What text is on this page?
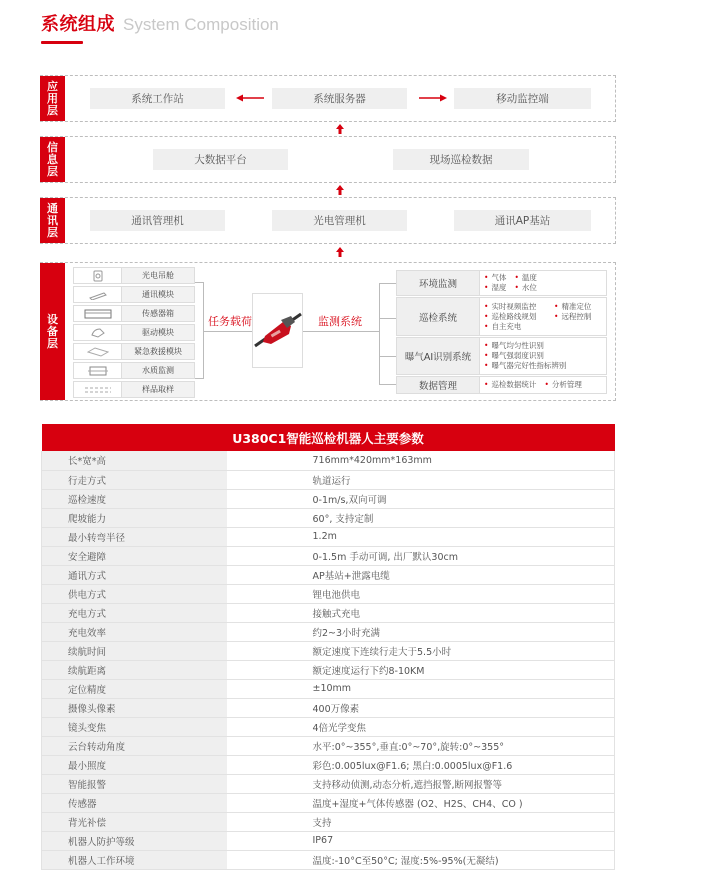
系统组成 System Composition
应
用
层
系统工作站	系统服务器	移动监控端
信
息
层
大数据平台	现场巡检数据
通
讯
层
通讯管理机	光电管理机	通讯AP基站
设
备
层
光电吊舱
通讯模块
传感器箱
驱动模块
紧急救援模块
水质监测
样品取样
任务载荷	监测系统
环境监测
• 气体	• 温度
• 湿度	• 水位
巡检系统
• 实时视频监控	• 精准定位
• 巡检路线规划	• 远程控制
• 自主充电
曝气AI识别系统
• 曝气均匀性识别
• 曝气强弱度识别
• 曝气器完好性指标辨别
数据管理	• 巡检数据统计	• 分析管理
U380C1智能巡检机器人主要参数	
长*宽*高	716mm*420mm*163mm
行走方式	轨道运行
巡检速度	0-1m/s,双向可调
爬坡能力	60°, 支持定制
最小转弯半径	1.2m
安全避障	0-1.5m 手动可调, 出厂默认30cm
通讯方式	AP基站+泄露电缆
供电方式	锂电池供电
充电方式	接触式充电
充电效率	约2~3小时充满
续航时间	额定速度下连续行走大于5.5小时
续航距离	额定速度运行下约8-10KM
定位精度	±10mm
摄像头像素	400万像素
镜头变焦	4倍光学变焦
云台转动角度	水平:0°~355°,垂直:0°~70°,旋转:0°~355°
最小照度	彩色:0.005lux@F1.6; 黑白:0.0005lux@F1.6
智能报警	支持移动侦测,动态分析,遮挡报警,断网报警等
传感器	温度+湿度+气体传感器 (O2、H2S、CH4、CO )
背光补偿	支持
机器人防护等级	IP67
机器人工作环境	温度:-10°C至50°C; 湿度:5%-95%(无凝结)
